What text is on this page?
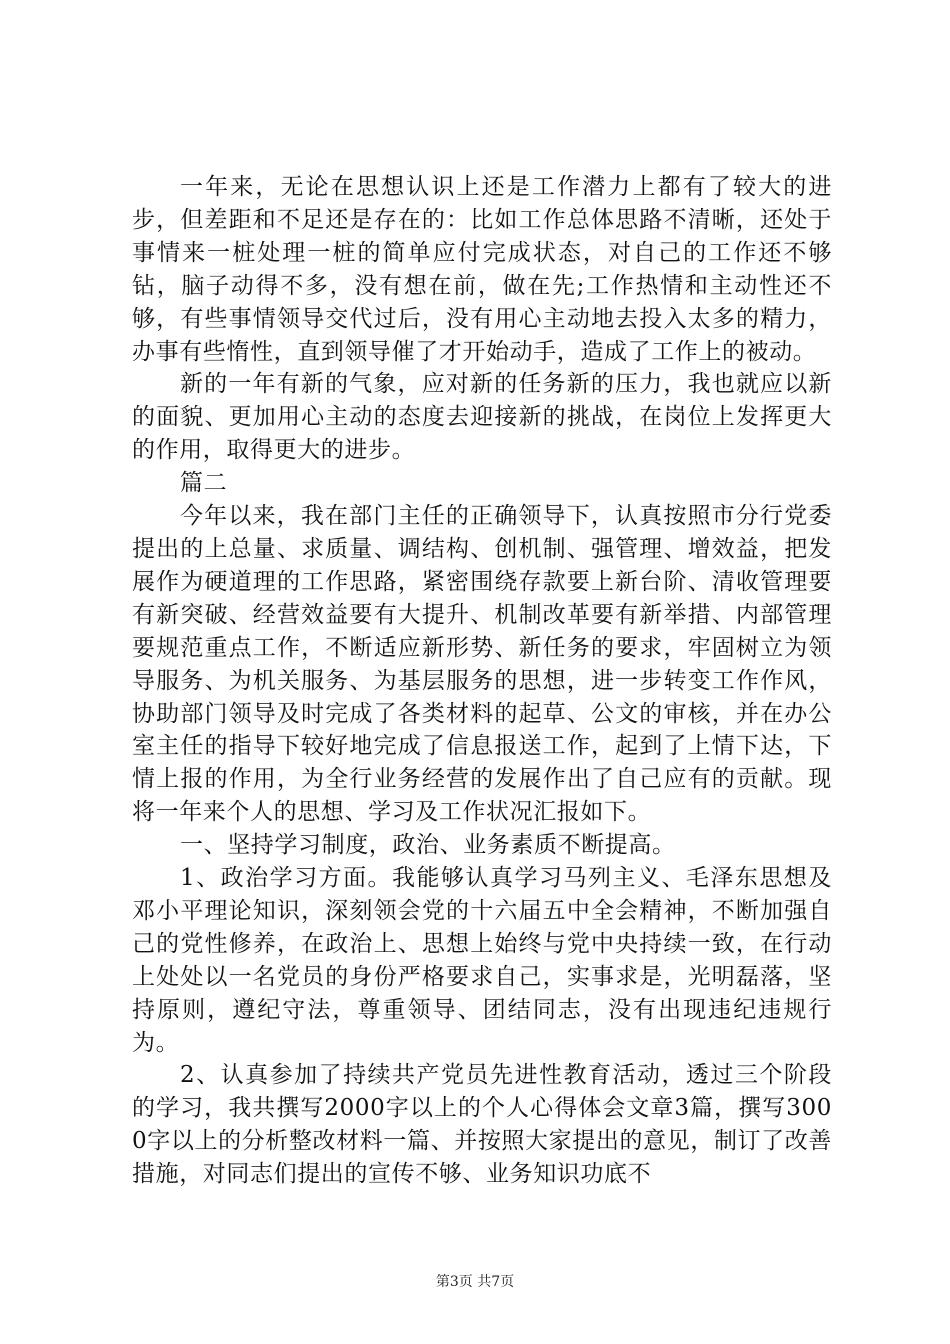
一年来，无论在思想认识上还是工作潜力上都有了较大的进步，但差距和不足还是存在的：比如工作总体思路不清晰，还处于事情来一桩处理一桩的简单应付完成状态，对自己的工作还不够钻，脑子动得不多，没有想在前，做在先;工作热情和主动性还不够，有些事情领导交代过后，没有用心主动地去投入太多的精力，办事有些惰性，直到领导催了才开始动手，造成了工作上的被动。

新的一年有新的气象，应对新的任务新的压力，我也就应以新的面貌、更加用心主动的态度去迎接新的挑战，在岗位上发挥更大的作用，取得更大的进步。

篇二

今年以来，我在部门主任的正确领导下，认真按照市分行党委提出的上总量、求质量、调结构、创机制、强管理、增效益，把发展作为硬道理的工作思路，紧密围绕存款要上新台阶、清收管理要有新突破、经营效益要有大提升、机制改革要有新举措、内部管理要规范重点工作，不断适应新形势、新任务的要求，牢固树立为领导服务、为机关服务、为基层服务的思想，进一步转变工作作风，协助部门领导及时完成了各类材料的起草、公文的审核，并在办公室主任的指导下较好地完成了信息报送工作，起到了上情下达，下情上报的作用，为全行业务经营的发展作出了自己应有的贡献。现将一年来个人的思想、学习及工作状况汇报如下。

一、坚持学习制度，政治、业务素质不断提高。

1、政治学习方面。我能够认真学习马列主义、毛泽东思想及邓小平理论知识，深刻领会党的十六届五中全会精神，不断加强自己的党性修养，在政治上、思想上始终与党中央持续一致，在行动上处处以一名党员的身份严格要求自己，实事求是，光明磊落，坚持原则，遵纪守法，尊重领导、团结同志，没有出现违纪违规行为。

2、认真参加了持续共产党员先进性教育活动，透过三个阶段的学习，我共撰写2000字以上的个人心得体会文章3篇，撰写3000字以上的分析整改材料一篇、并按照大家提出的意见，制订了改善措施，对同志们提出的宣传不够、业务知识功底不

第3页 共7页
